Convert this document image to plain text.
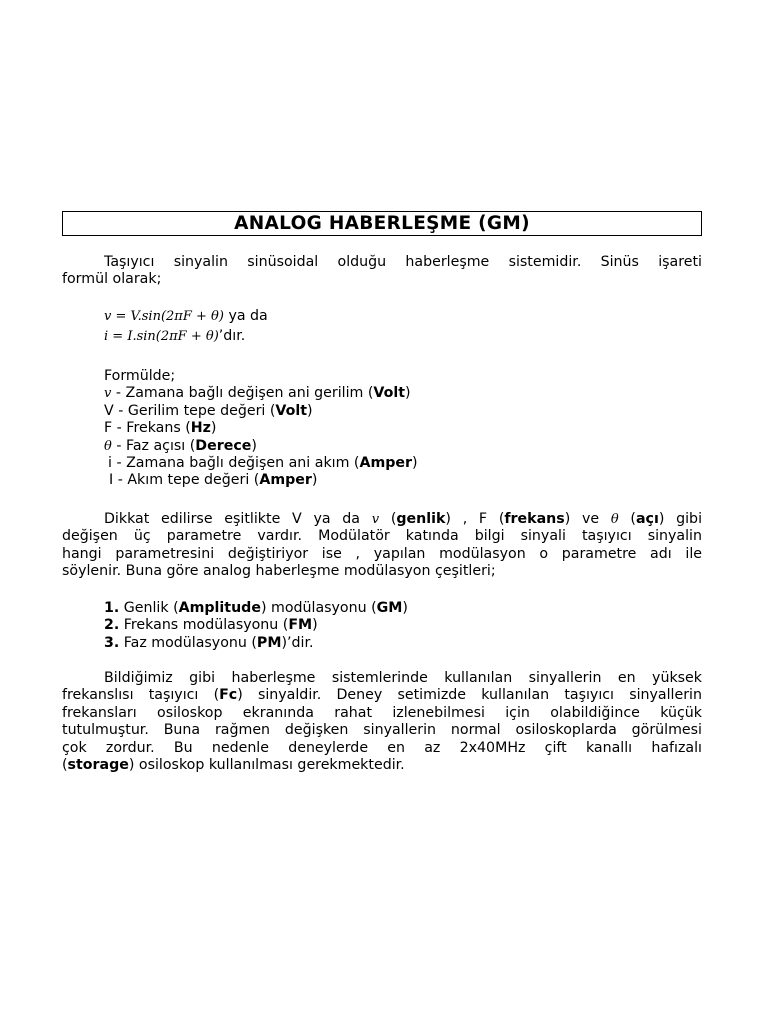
ANALOG HABERLEŞME (GM)
Taşıyıcı sinyalin sinüsoidal olduğu haberleşme sistemidir. Sinüs işareti
formül olarak;
v = V.sin(2πF + θ) ya da
i = I.sin(2πF + θ)’dır.
Formülde;
v - Zamana bağlı değişen ani gerilim (Volt)
V - Gerilim tepe değeri (Volt)
F - Frekans (Hz)
θ - Faz açısı (Derece)
i - Zamana bağlı değişen ani akım (Amper)
I - Akım tepe değeri (Amper)
Dikkat edilirse eşitlikte V ya da v (genlik) , F (frekans) ve θ (açı) gibi
değişen üç parametre vardır. Modülatör katında bilgi sinyali taşıyıcı sinyalin
hangi parametresini değiştiriyor ise , yapılan modülasyon o parametre adı ile
söylenir. Buna göre analog haberleşme modülasyon çeşitleri;
1. Genlik (Amplitude) modülasyonu (GM)
2. Frekans modülasyonu (FM)
3. Faz modülasyonu (PM)’dir.
Bildiğimiz gibi haberleşme sistemlerinde kullanılan sinyallerin en yüksek
frekanslısı taşıyıcı (Fc) sinyaldir. Deney setimizde kullanılan taşıyıcı sinyallerin
frekansları osiloskop ekranında rahat izlenebilmesi için olabildiğince küçük
tutulmuştur. Buna rağmen değişken sinyallerin normal osiloskoplarda görülmesi
çok zordur. Bu nedenle deneylerde en az 2x40MHz çift kanallı hafızalı
(storage) osiloskop kullanılması gerekmektedir.
